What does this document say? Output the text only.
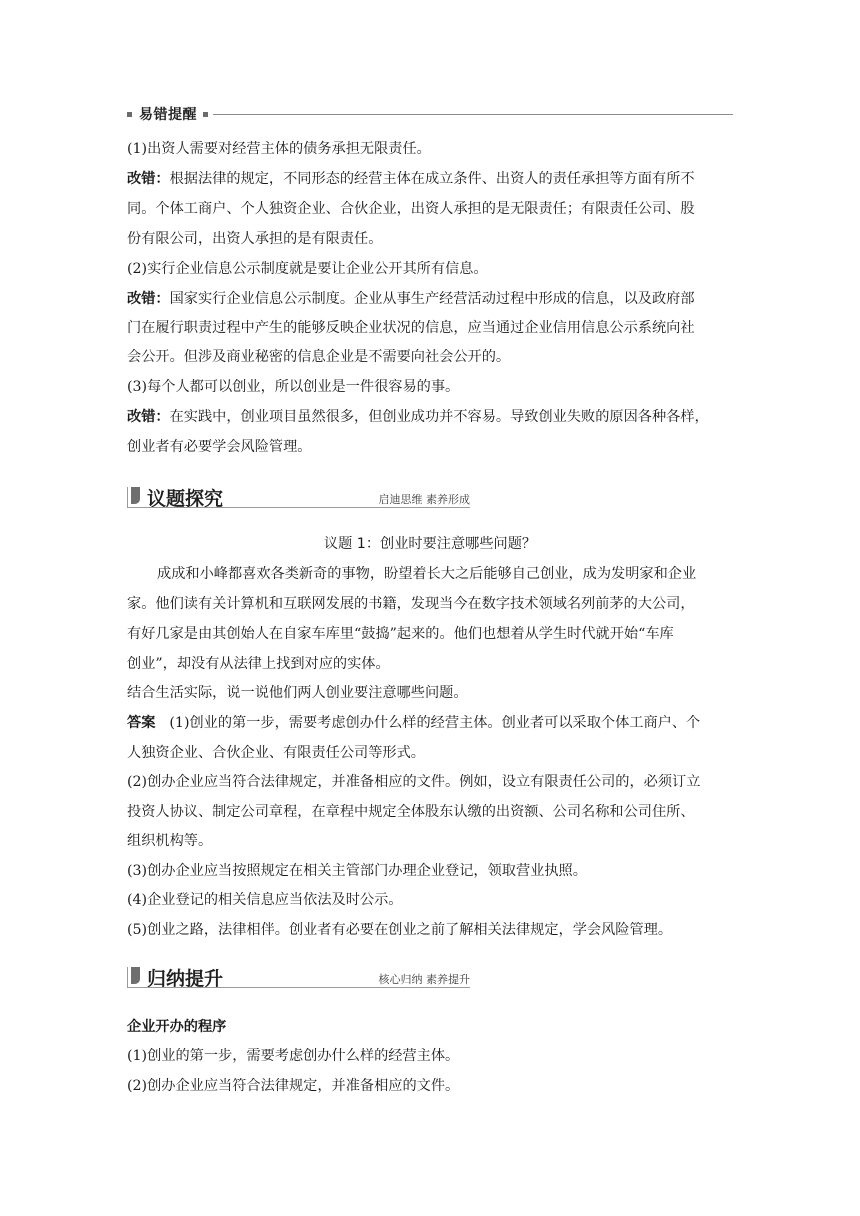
易错提醒
(1)出资人需要对经营主体的债务承担无限责任。
改错：根据法律的规定，不同形态的经营主体在成立条件、出资人的责任承担等方面有所不
同。个体工商户、个人独资企业、合伙企业，出资人承担的是无限责任；有限责任公司、股
份有限公司，出资人承担的是有限责任。
(2)实行企业信息公示制度就是要让企业公开其所有信息。
改错：国家实行企业信息公示制度。企业从事生产经营活动过程中形成的信息，以及政府部
门在履行职责过程中产生的能够反映企业状况的信息，应当通过企业信用信息公示系统向社
会公开。但涉及商业秘密的信息企业是不需要向社会公开的。
(3)每个人都可以创业，所以创业是一件很容易的事。
改错：在实践中，创业项目虽然很多，但创业成功并不容易。导致创业失败的原因各种各样，
创业者有必要学会风险管理。
议题探究	启迪思维 素养形成
议题 1：创业时要注意哪些问题？
成成和小峰都喜欢各类新奇的事物，盼望着长大之后能够自己创业，成为发明家和企业
家。他们读有关计算机和互联网发展的书籍，发现当今在数字技术领域名列前茅的大公司，
有好几家是由其创始人在自家车库里“鼓捣”起来的。他们也想着从学生时代就开始“车库
创业”，却没有从法律上找到对应的实体。
结合生活实际，说一说他们两人创业要注意哪些问题。
答案 (1)创业的第一步，需要考虑创办什么样的经营主体。创业者可以采取个体工商户、个
人独资企业、合伙企业、有限责任公司等形式。
(2)创办企业应当符合法律规定，并准备相应的文件。例如，设立有限责任公司的，必须订立
投资人协议、制定公司章程，在章程中规定全体股东认缴的出资额、公司名称和公司住所、
组织机构等。
(3)创办企业应当按照规定在相关主管部门办理企业登记，领取营业执照。
(4)企业登记的相关信息应当依法及时公示。
(5)创业之路，法律相伴。创业者有必要在创业之前了解相关法律规定，学会风险管理。
归纳提升	核心归纳 素养提升
企业开办的程序
(1)创业的第一步，需要考虑创办什么样的经营主体。
(2)创办企业应当符合法律规定，并准备相应的文件。
